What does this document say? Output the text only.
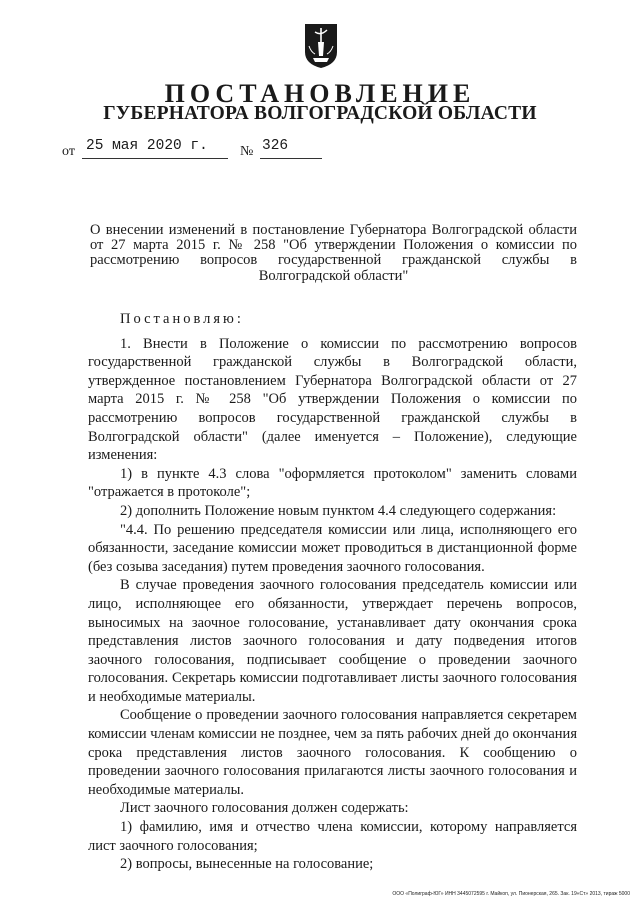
ПОСТАНОВЛЕНИЕ
ГУБЕРНАТОРА ВОЛГОГРАДСКОЙ ОБЛАСТИ
от 25 мая 2020 г. № 326

О внесении изменений в постановление Губернатора Волгоградской области от 27 марта 2015 г. № 258 "Об утверждении Положения о комиссии по рассмотрению вопросов государственной гражданской службы в Волгоградской области"

Постановляю:

1. Внести в Положение о комиссии по рассмотрению вопросов государственной гражданской службы в Волгоградской области, утвержденное постановлением Губернатора Волгоградской области от 27 марта 2015 г. № 258 "Об утверждении Положения о комиссии по рассмотрению вопросов государственной гражданской службы в Волгоградской области" (далее именуется – Положение), следующие изменения:

1) в пункте 4.3 слова "оформляется протоколом" заменить словами "отражается в протоколе";

2) дополнить Положение новым пунктом 4.4 следующего содержания:

"4.4. По решению председателя комиссии или лица, исполняющего его обязанности, заседание комиссии может проводиться в дистанционной форме (без созыва заседания) путем проведения заочного голосования.

В случае проведения заочного голосования председатель комиссии или лицо, исполняющее его обязанности, утверждает перечень вопросов, выносимых на заочное голосование, устанавливает дату окончания срока представления листов заочного голосования и дату подведения итогов заочного голосования, подписывает сообщение о проведении заочного голосования. Секретарь комиссии подготавливает листы заочного голосования и необходимые материалы.

Сообщение о проведении заочного голосования направляется секретарем комиссии членам комиссии не позднее, чем за пять рабочих дней до окончания срока представления листов заочного голосования. К сообщению о проведении заочного голосования прилагаются листы заочного голосования и необходимые материалы.

Лист заочного голосования должен содержать:

1) фамилию, имя и отчество члена комиссии, которому направляется лист заочного голосования;

2) вопросы, вынесенные на голосование;

ООО «Полиграф-ЮГ» ИНН 3445072595 г. Майкоп, ул. Пионерская, 265. Зак. 19«Ст» 2013, тираж 5000
